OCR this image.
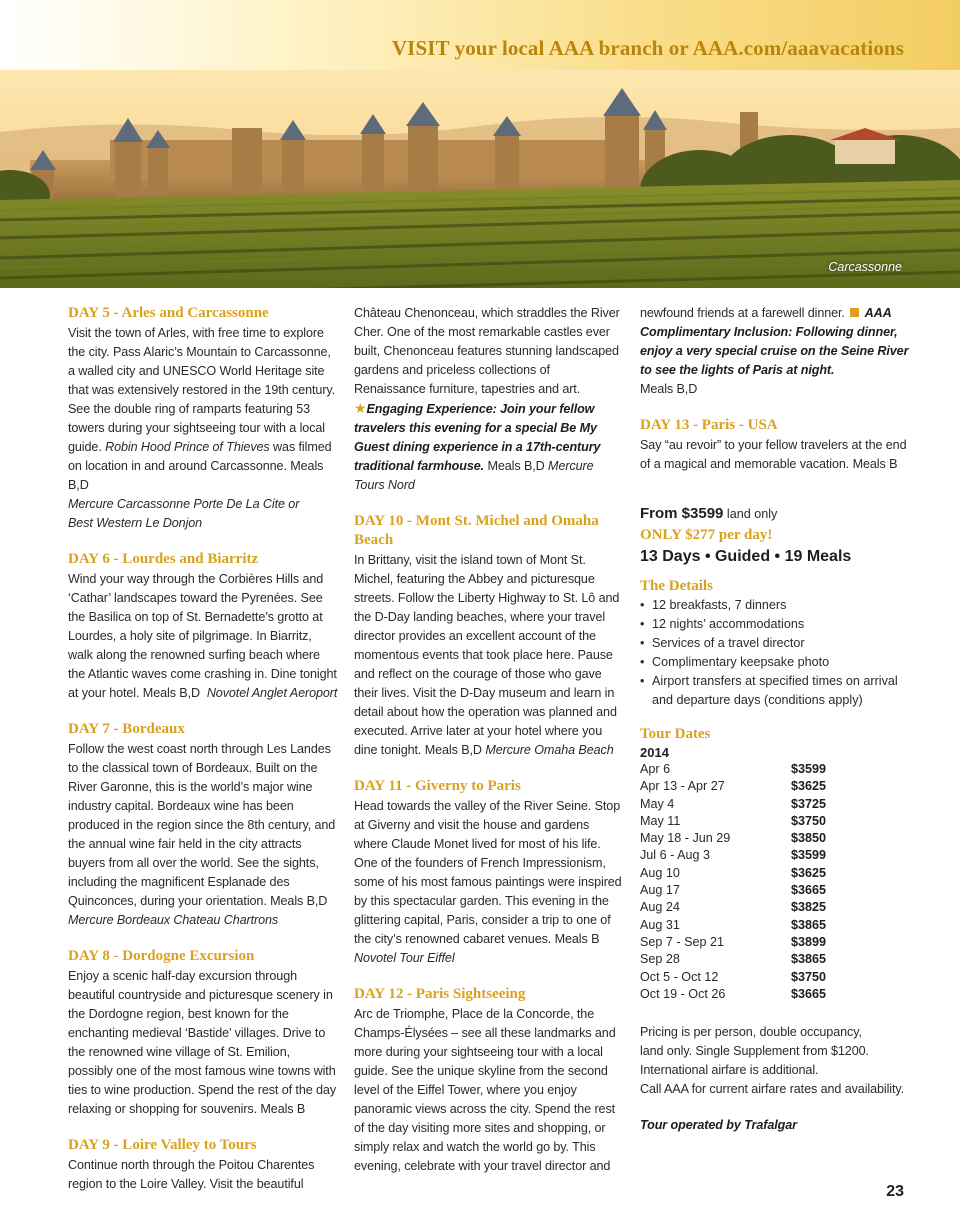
VISIT your local AAA branch or AAA.com/aaavacations
Carcassonne
DAY 5 - Arles and Carcassonne
Visit the town of Arles, with free time to explore the city. Pass Alaric’s Mountain to Carcassonne, a walled city and UNESCO World Heritage site that was extensively restored in the 19th century. See the double ring of ramparts featuring 53 towers during your sightseeing tour with a local guide. Robin Hood Prince of Thieves was filmed on location in and around Carcassonne. Meals B,D
Mercure Carcassonne Porte De La Cite or
Best Western Le Donjon
DAY 6 - Lourdes and Biarritz
Wind your way through the Corbières Hills and ‘Cathar’ landscapes toward the Pyrenées. See the Basilica on top of St. Bernadette’s grotto at Lourdes, a holy site of pilgrimage. In Biarritz, walk along the renowned surfing beach where the Atlantic waves come crashing in. Dine tonight at your hotel. Meals B,D Novotel Anglet Aeroport
DAY 7 - Bordeaux
Follow the west coast north through Les Landes to the classical town of Bordeaux. Built on the River Garonne, this is the world’s major wine industry capital. Bordeaux wine has been produced in the region since the 8th century, and the annual wine fair held in the city attracts buyers from all over the world. See the sights, including the magnificent Esplanade des Quinconces, during your orientation. Meals B,D
Mercure Bordeaux Chateau Chartrons
DAY 8 - Dordogne Excursion
Enjoy a scenic half-day excursion through beautiful countryside and picturesque scenery in the Dordogne region, best known for the enchanting medieval ‘Bastide’ villages. Drive to the renowned wine village of St. Emilion, possibly one of the most famous wine towns with ties to wine production. Spend the rest of the day relaxing or shopping for souvenirs. Meals B
DAY 9 - Loire Valley to Tours
Continue north through the Poitou Charentes region to the Loire Valley. Visit the beautiful
Château Chenonceau, which straddles the River Cher. One of the most remarkable castles ever built, Chenonceau features stunning landscaped gardens and priceless collections of Renaissance furniture, tapestries and art. ★Engaging Experience: Join your fellow travelers this evening for a special Be My Guest dining experience in a 17th-century traditional farmhouse. Meals B,D Mercure Tours Nord
DAY 10 - Mont St. Michel and Omaha Beach
In Brittany, visit the island town of Mont St. Michel, featuring the Abbey and picturesque streets. Follow the Liberty Highway to St. Lô and the D-Day landing beaches, where your travel director provides an excellent account of the momentous events that took place here. Pause and reflect on the courage of those who gave their lives. Visit the D-Day museum and learn in detail about how the operation was planned and executed. Arrive later at your hotel where you dine tonight. Meals B,D Mercure Omaha Beach
DAY 11 - Giverny to Paris
Head towards the valley of the River Seine. Stop at Giverny and visit the house and gardens where Claude Monet lived for most of his life. One of the founders of French Impressionism, some of his most famous paintings were inspired by this spectacular garden. This evening in the glittering capital, Paris, consider a trip to one of the city’s renowned cabaret venues. Meals B
Novotel Tour Eiffel
DAY 12 - Paris Sightseeing
Arc de Triomphe, Place de la Concorde, the Champs-Élysées – see all these landmarks and more during your sightseeing tour with a local guide. See the unique skyline from the second level of the Eiffel Tower, where you enjoy panoramic views across the city. Spend the rest of the day visiting more sites and shopping, or simply relax and watch the world go by. This evening, celebrate with your travel director and
newfound friends at a farewell dinner.  AAA Complimentary Inclusion: Following dinner, enjoy a very special cruise on the Seine River to see the lights of Paris at night.
Meals B,D
DAY 13 - Paris - USA
Say “au revoir” to your fellow travelers at the end of a magical and memorable vacation. Meals B
From $3599 land only
ONLY $277 per day!
13 Days • Guided • 19 Meals
The Details
• 12 breakfasts, 7 dinners
• 12 nights’ accommodations
• Services of a travel director
• Complimentary keepsake photo
• Airport transfers at specified times on arrival and departure days (conditions apply)
Tour Dates
2014
Apr 6	$3599
Apr 13 - Apr 27	$3625
May 4	$3725
May 11	$3750
May 18 - Jun 29	$3850
Jul 6 - Aug 3	$3599
Aug 10	$3625
Aug 17	$3665
Aug 24	$3825
Aug 31	$3865
Sep 7 - Sep 21	$3899
Sep 28	$3865
Oct 5 - Oct 12	$3750
Oct 19 - Oct 26	$3665
Pricing is per person, double occupancy,
land only. Single Supplement from $1200.
International airfare is additional.
Call AAA for current airfare rates and availability.
Tour operated by Trafalgar
23
